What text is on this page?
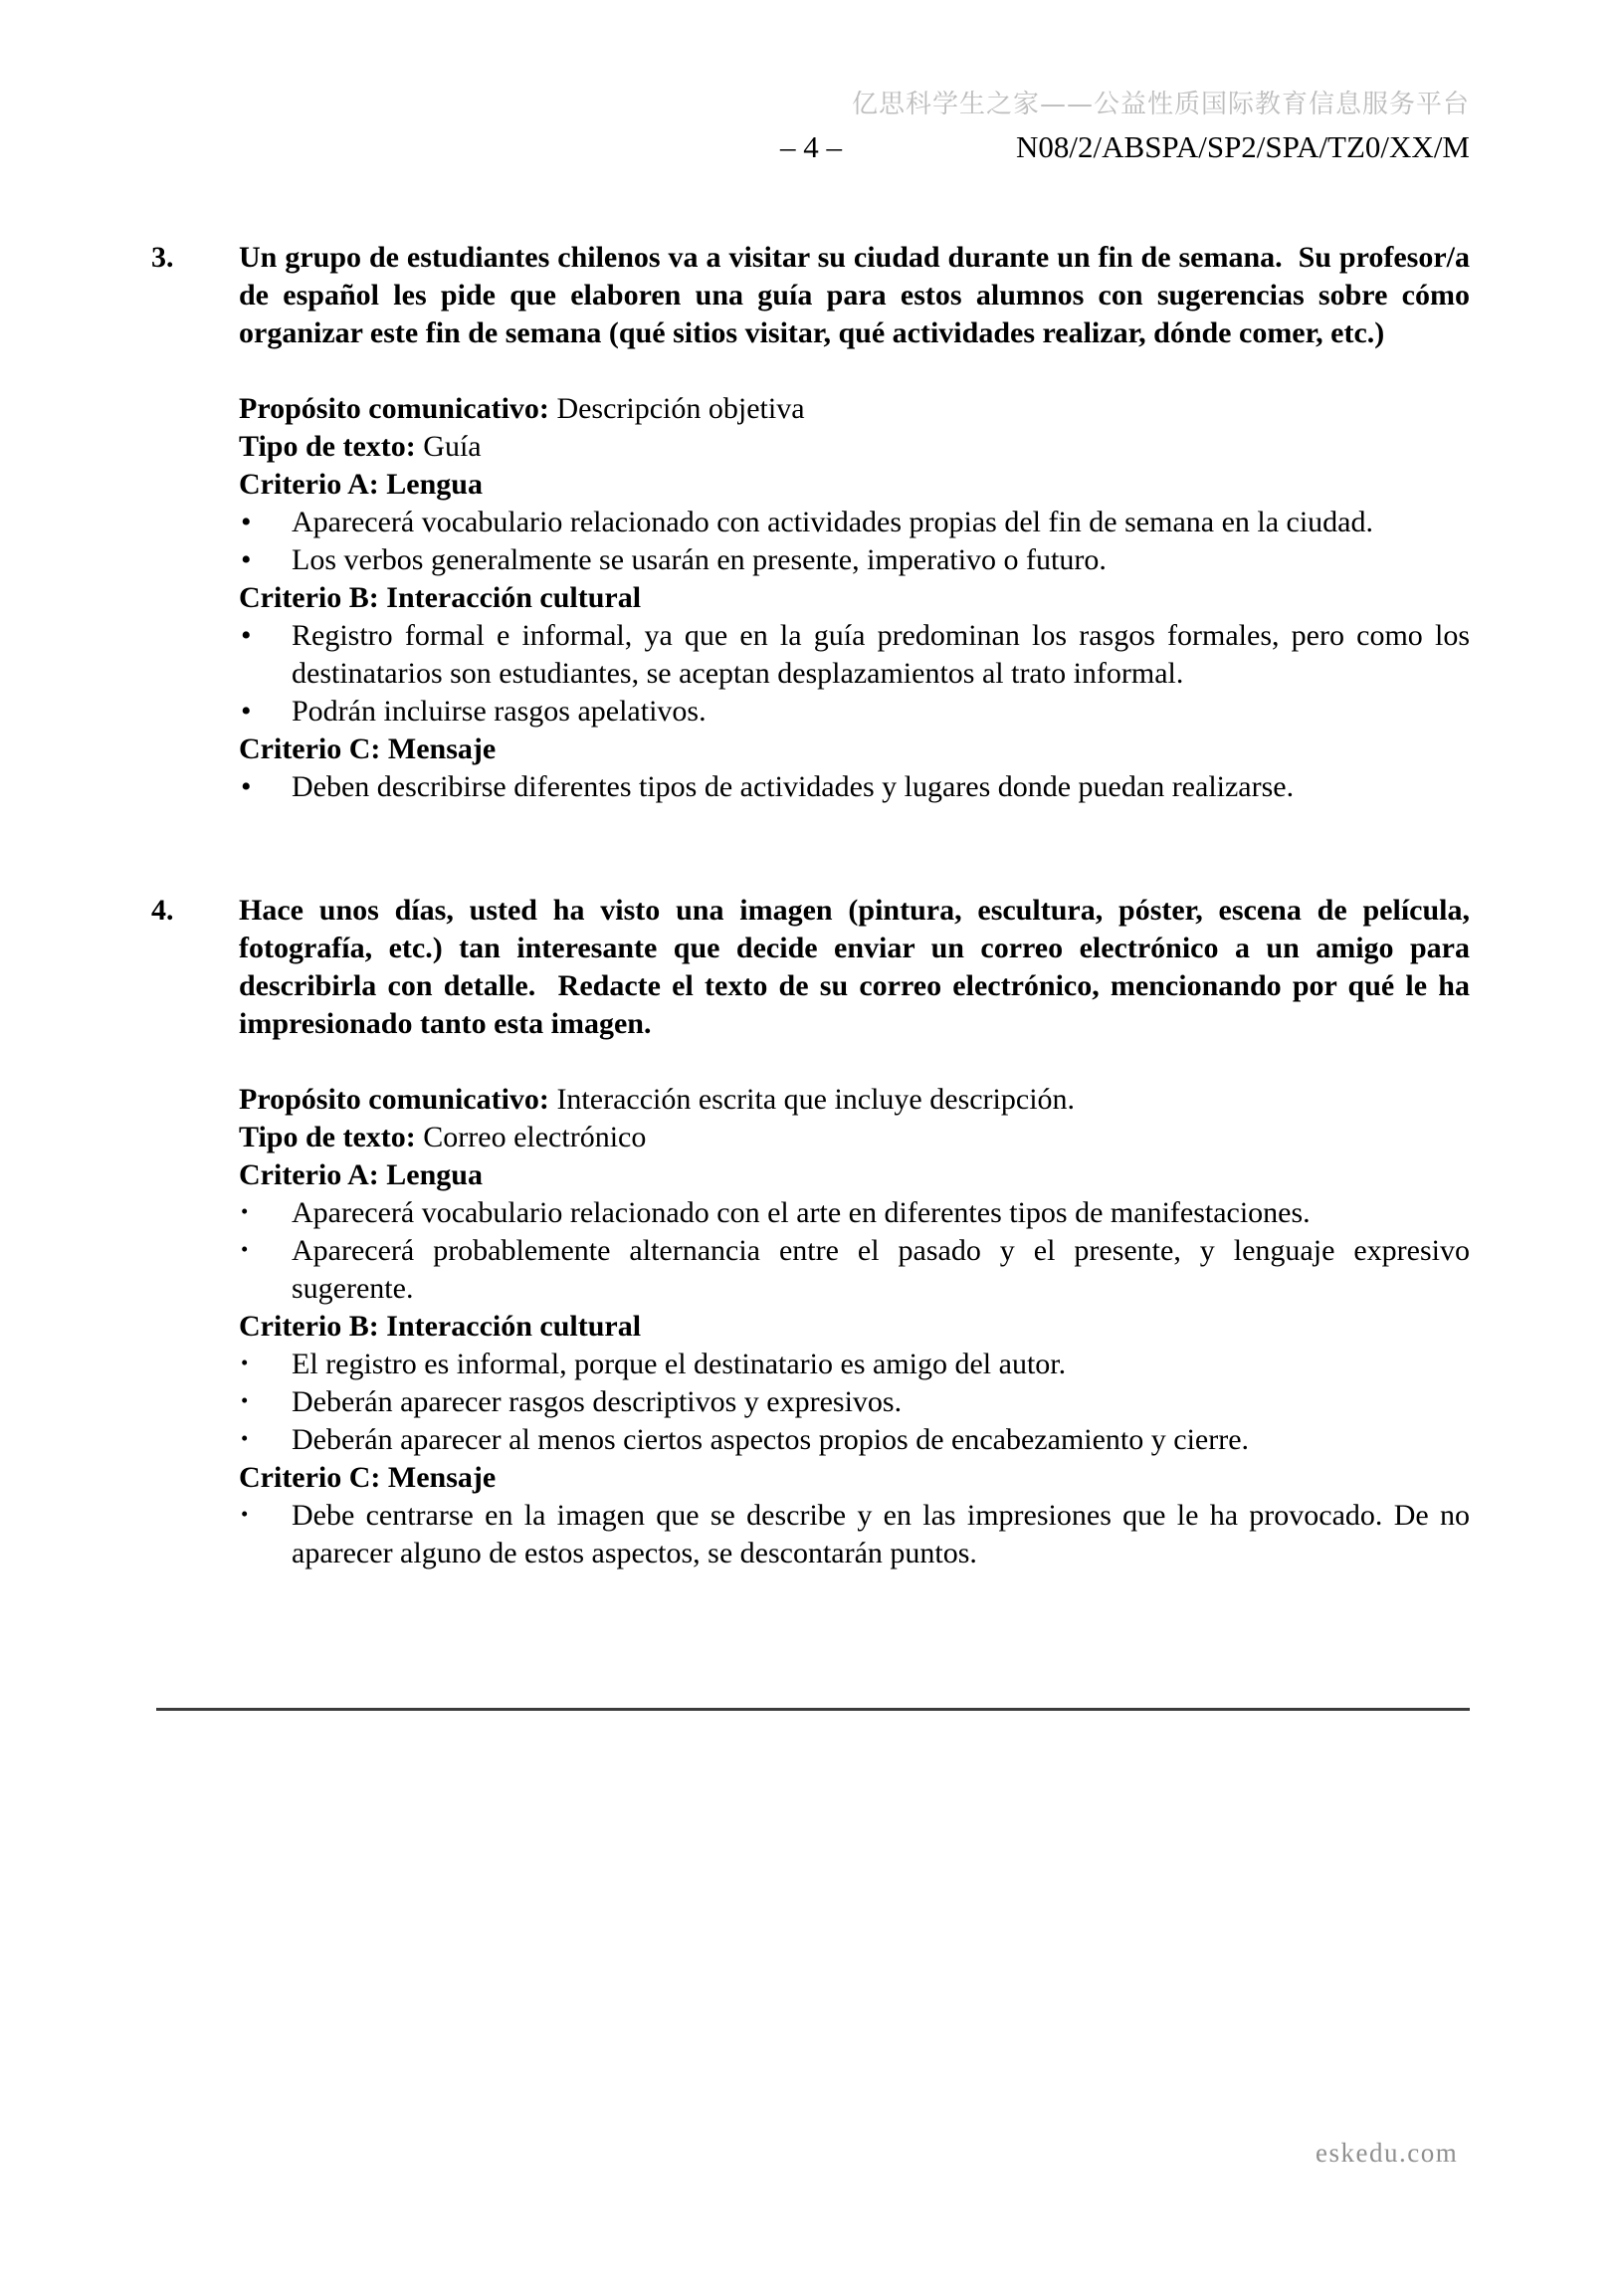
亿思科学生之家——公益性质国际教育信息服务平台
– 4 –	N08/2/ABSPA/SP2/SPA/TZ0/XX/M
3. Un grupo de estudiantes chilenos va a visitar su ciudad durante un fin de semana.  Su profesor/a de español les pide que elaboren una guía para estos alumnos con sugerencias sobre cómo organizar este fin de semana (qué sitios visitar, qué actividades realizar, dónde comer, etc.)

Propósito comunicativo: Descripción objetiva
Tipo de texto: Guía
Criterio A: Lengua
• Aparecerá vocabulario relacionado con actividades propias del fin de semana en la ciudad.
• Los verbos generalmente se usarán en presente, imperativo o futuro.
Criterio B: Interacción cultural
• Registro formal e informal, ya que en la guía predominan los rasgos formales, pero como los destinatarios son estudiantes, se aceptan desplazamientos al trato informal.
• Podrán incluirse rasgos apelativos.
Criterio C: Mensaje
• Deben describirse diferentes tipos de actividades y lugares donde puedan realizarse.
4. Hace unos días, usted ha visto una imagen (pintura, escultura, póster, escena de película, fotografía, etc.) tan interesante que decide enviar un correo electrónico a un amigo para describirla con detalle.  Redacte el texto de su correo electrónico, mencionando por qué le ha impresionado tanto esta imagen.

Propósito comunicativo: Interacción escrita que incluye descripción.
Tipo de texto: Correo electrónico
Criterio A: Lengua
• Aparecerá vocabulario relacionado con el arte en diferentes tipos de manifestaciones.
• Aparecerá probablemente alternancia entre el pasado y el presente, y lenguaje expresivo sugerente.
Criterio B: Interacción cultural
• El registro es informal, porque el destinatario es amigo del autor.
• Deberán aparecer rasgos descriptivos y expresivos.
• Deberán aparecer al menos ciertos aspectos propios de encabezamiento y cierre.
Criterio C: Mensaje
• Debe centrarse en la imagen que se describe y en las impresiones que le ha provocado. De no aparecer alguno de estos aspectos, se descontarán puntos.
eskedu.com
